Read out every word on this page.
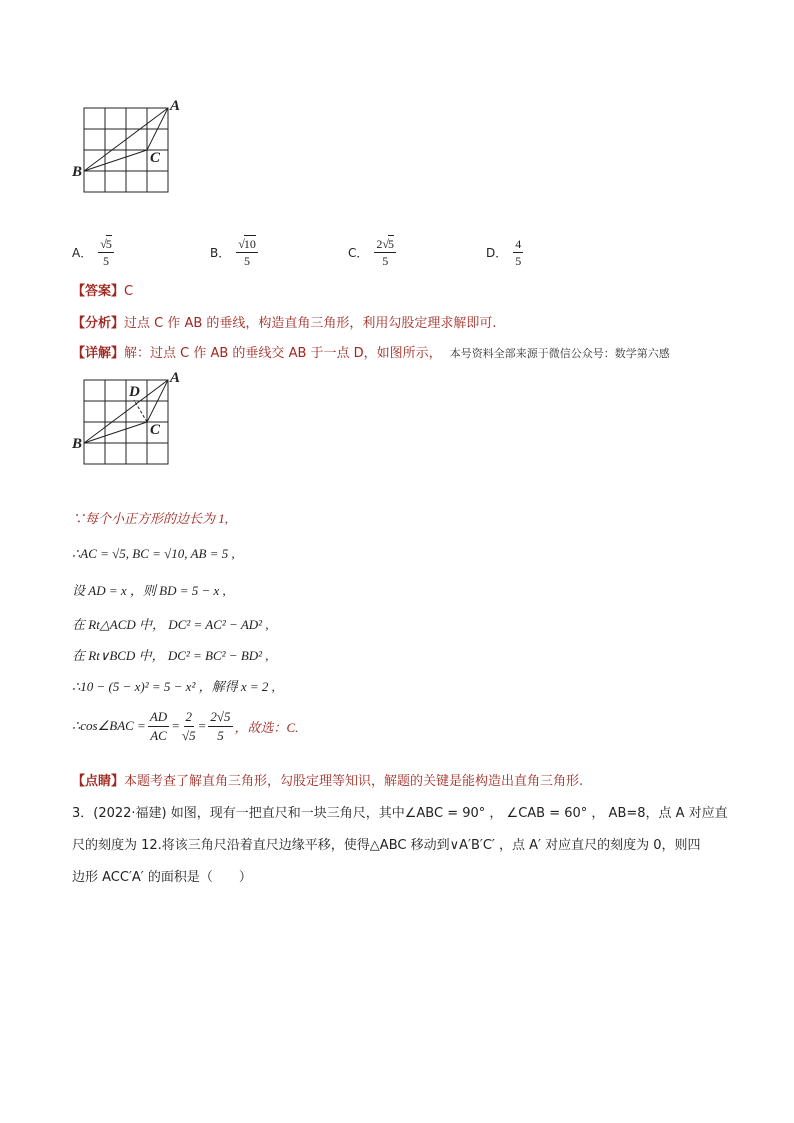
A
B
C
A． $\frac{√5}{5}$	B． $\frac{√10}{5}$	C． $\frac{2√5}{5}$	D． $\frac{4}{5}$
【答案】C
【分析】过点 C 作 AB 的垂线，构造直角三角形，利用勾股定理求解即可.
【详解】解：过点 C 作 AB 的垂线交 AB 于一点 D，如图所示， 本号资料全部来源于微信公众号：数学第六感
A
B
C
D
∵每个小正方形的边长为 1,
∴AC = √5, BC = √10, AB = 5 ,
设 AD = x ，则 BD = 5 − x ,
在 Rt△ACD 中， DC² = AC² − AD² ,
在 Rt∨BCD 中， DC² = BC² − BD² ,
∴10 − (5 − x)² = 5 − x² ，解得 x = 2 ,
∴cos∠BAC = $\frac{AD}{AC} = \frac{2}{√5} = \frac{2√5}{5}$ ，故选：C.
【点睛】本题考查了解直角三角形，勾股定理等知识，解题的关键是能构造出直角三角形.
3．(2022·福建) 如图，现有一把直尺和一块三角尺，其中∠ABC = 90° ， ∠CAB = 60° ， AB=8，点 A 对应直
尺的刻度为 12.将该三角尺沿着直尺边缘平移，使得△ABC 移动到∨A′B′C′ ，点 A′ 对应直尺的刻度为 0，则四
边形 ACC′A′ 的面积是（　　）
